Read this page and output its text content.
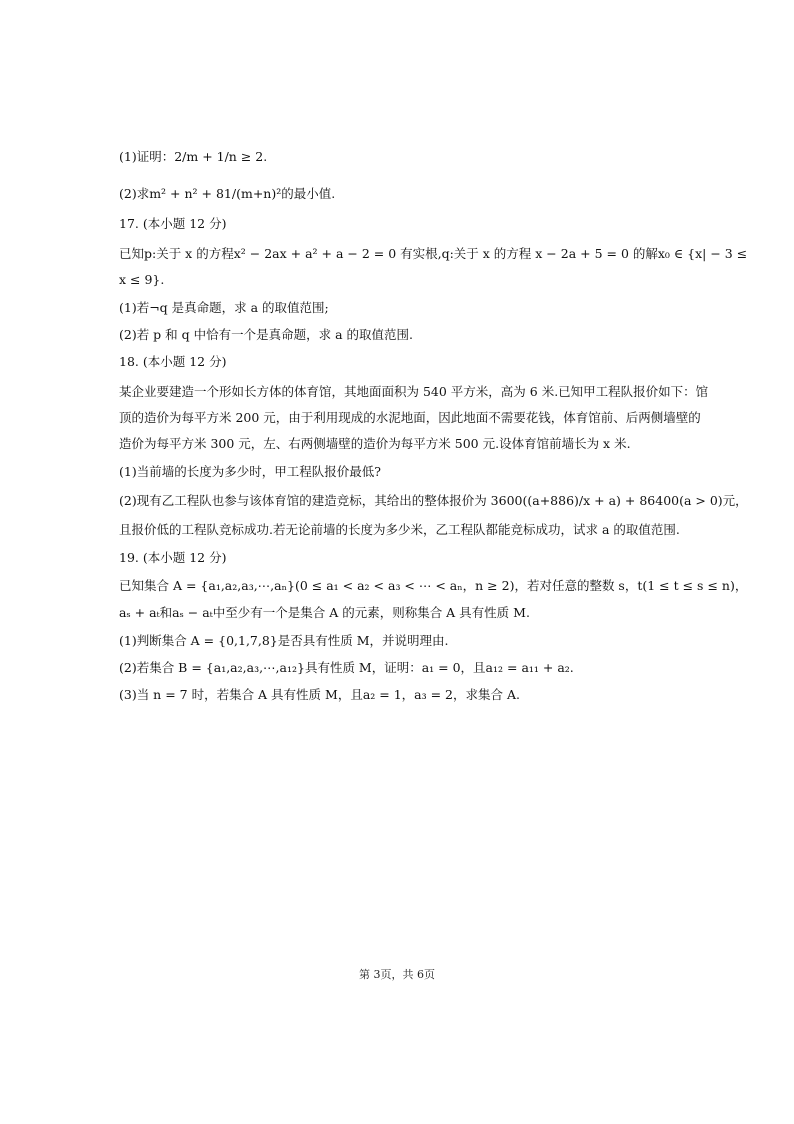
(1)证明：2/m + 1/n ≥ 2.
(2)求m² + n² + 81/(m+n)²的最小值.
17. (本小题 12 分)
已知p:关于 x 的方程x² − 2ax + a² + a − 2 = 0 有实根,q:关于 x 的方程 x − 2a + 5 = 0 的解x₀ ∈ {x| − 3 ≤
x ≤ 9}.
(1)若¬q 是真命题，求 a 的取值范围;
(2)若 p 和 q 中恰有一个是真命题，求 a 的取值范围.
18. (本小题 12 分)
某企业要建造一个形如长方体的体育馆，其地面面积为 540 平方米，高为 6 米.已知甲工程队报价如下：馆
顶的造价为每平方米 200 元，由于利用现成的水泥地面，因此地面不需要花钱，体育馆前、后两侧墙壁的
造价为每平方米 300 元，左、右两侧墙壁的造价为每平方米 500 元.设体育馆前墙长为 x 米.
(1)当前墙的长度为多少时，甲工程队报价最低?
(2)现有乙工程队也参与该体育馆的建造竞标，其给出的整体报价为 3600((a+886)/x + a) + 86400(a > 0)元，
且报价低的工程队竞标成功.若无论前墙的长度为多少米，乙工程队都能竞标成功，试求 a 的取值范围.
19. (本小题 12 分)
已知集合 A = {a₁,a₂,a₃,⋯,aₙ}(0 ≤ a₁ < a₂ < a₃ < ⋯ < aₙ，n ≥ 2)，若对任意的整数 s，t(1 ≤ t ≤ s ≤ n)，
aₛ + aₜ和aₛ − aₜ中至少有一个是集合 A 的元素，则称集合 A 具有性质 M.
(1)判断集合 A = {0,1,7,8}是否具有性质 M，并说明理由.
(2)若集合 B = {a₁,a₂,a₃,⋯,a₁₂}具有性质 M，证明：a₁ = 0，且a₁₂ = a₁₁ + a₂.
(3)当 n = 7 时，若集合 A 具有性质 M，且a₂ = 1，a₃ = 2，求集合 A.
第 3页，共 6页
